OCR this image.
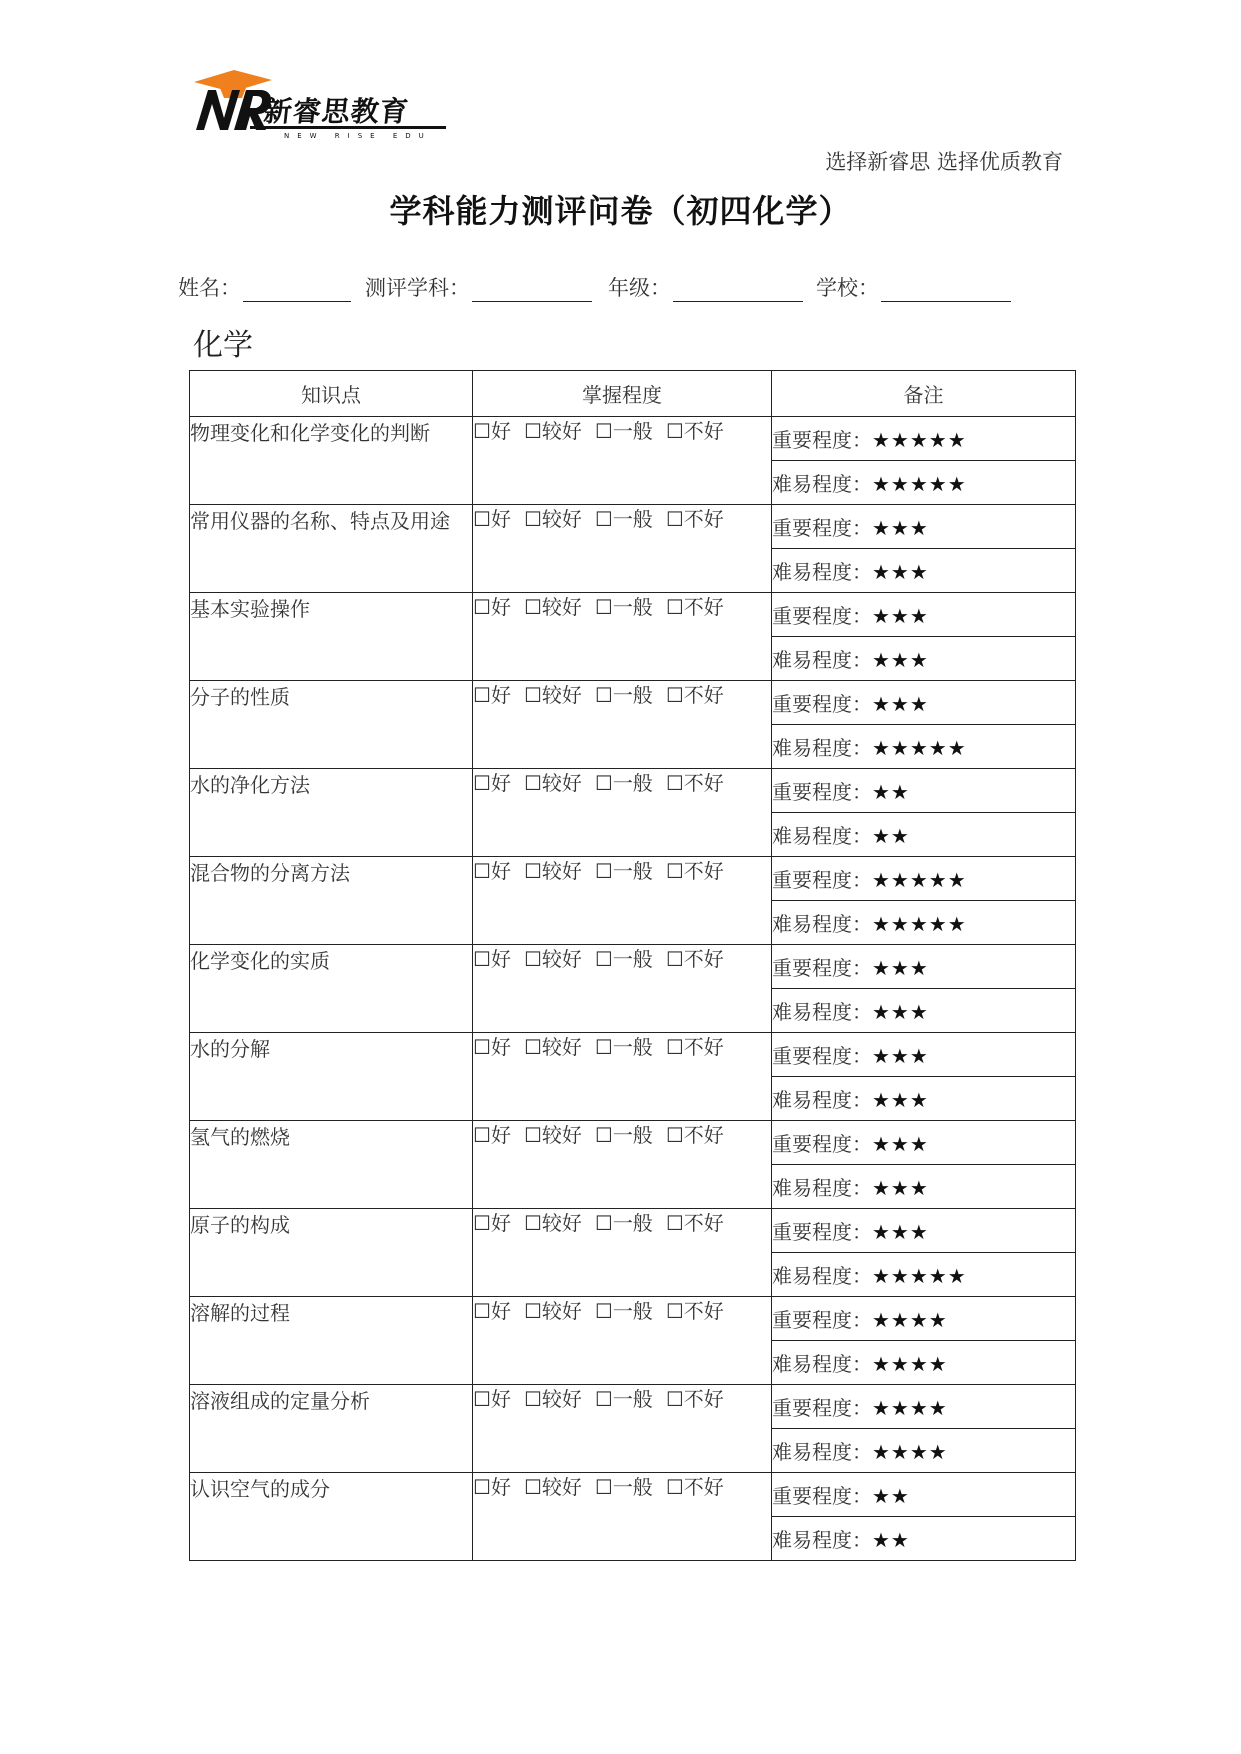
新睿思教育
NEW RISE EDU
选择新睿思 选择优质教育
学科能力测评问卷（初四化学）
姓名：	测评学科：	年级：	学校：
化学
知识点	掌握程度	备注
物理变化和化学变化的判断	☐好 ☐较好 ☐一般 ☐不好	重要程度：★★★★★
		难易程度：★★★★★
常用仪器的名称、特点及用途	☐好 ☐较好 ☐一般 ☐不好	重要程度：★★★
		难易程度：★★★
基本实验操作	☐好 ☐较好 ☐一般 ☐不好	重要程度：★★★
		难易程度：★★★
分子的性质	☐好 ☐较好 ☐一般 ☐不好	重要程度：★★★
		难易程度：★★★★★
水的净化方法	☐好 ☐较好 ☐一般 ☐不好	重要程度：★★
		难易程度：★★
混合物的分离方法	☐好 ☐较好 ☐一般 ☐不好	重要程度：★★★★★
		难易程度：★★★★★
化学变化的实质	☐好 ☐较好 ☐一般 ☐不好	重要程度：★★★
		难易程度：★★★
水的分解	☐好 ☐较好 ☐一般 ☐不好	重要程度：★★★
		难易程度：★★★
氢气的燃烧	☐好 ☐较好 ☐一般 ☐不好	重要程度：★★★
		难易程度：★★★
原子的构成	☐好 ☐较好 ☐一般 ☐不好	重要程度：★★★
		难易程度：★★★★★
溶解的过程	☐好 ☐较好 ☐一般 ☐不好	重要程度：★★★★
		难易程度：★★★★
溶液组成的定量分析	☐好 ☐较好 ☐一般 ☐不好	重要程度：★★★★
		难易程度：★★★★
认识空气的成分	☐好 ☐较好 ☐一般 ☐不好	重要程度：★★
		难易程度：★★
